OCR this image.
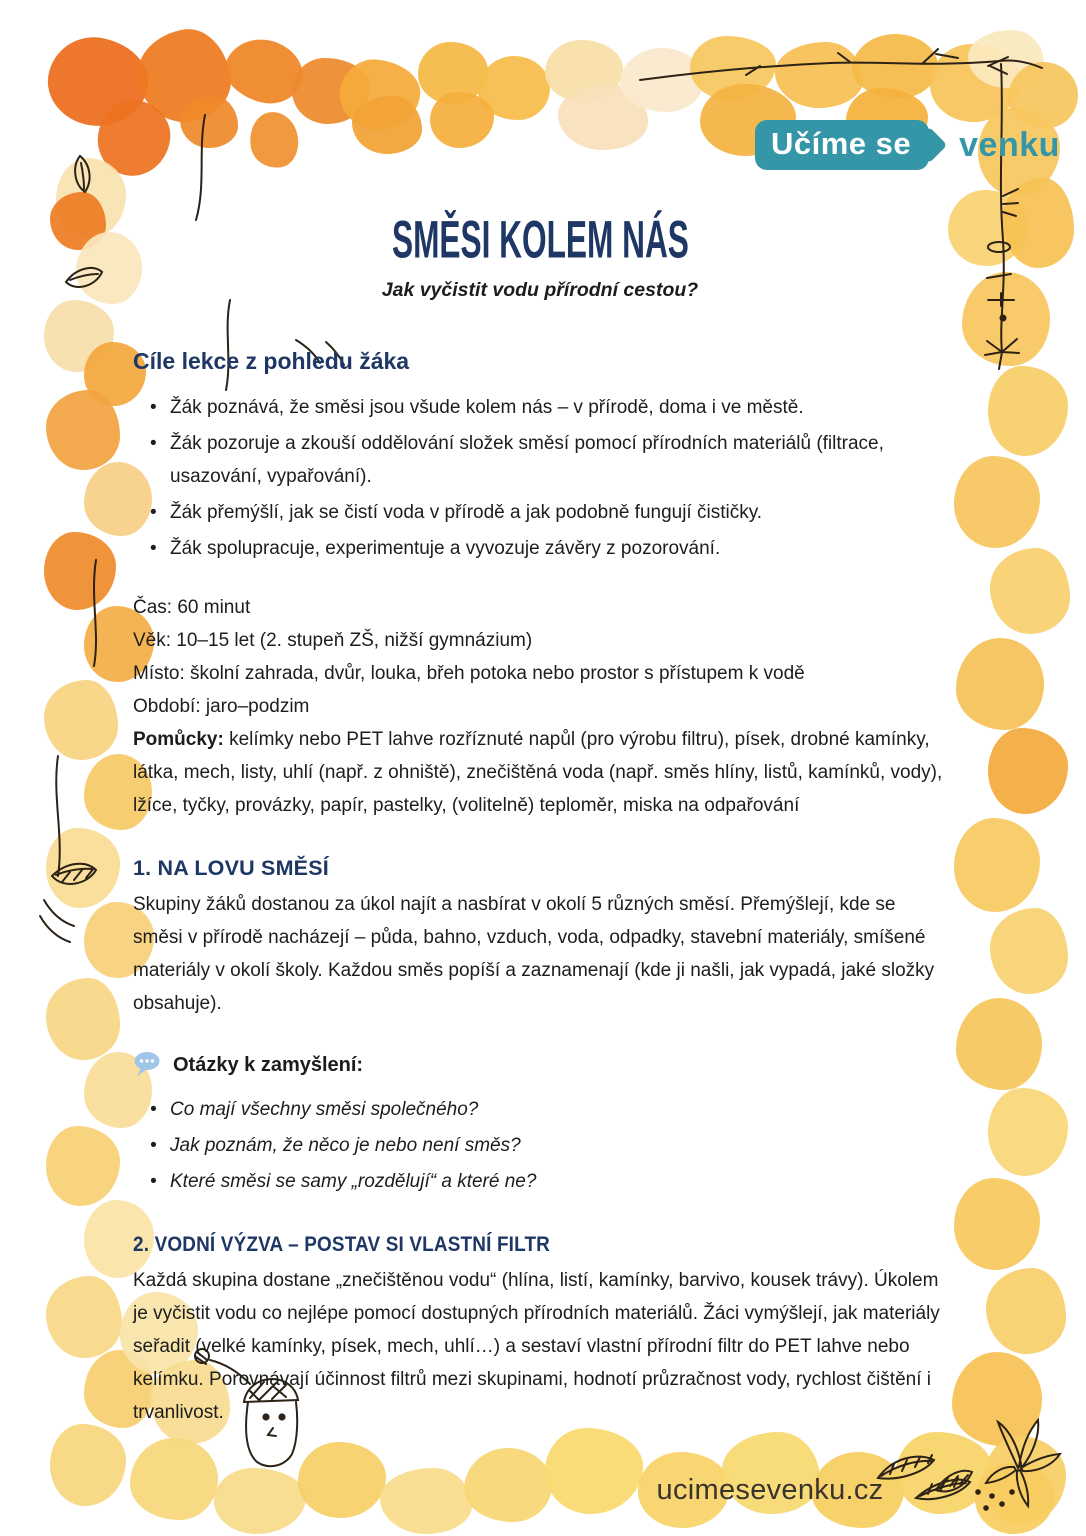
Učíme se	venku
SMĚSI KOLEM NÁS
Jak vyčistit vodu přírodní cestou?
Cíle lekce z pohledu žáka
• Žák poznává, že směsi jsou všude kolem nás – v přírodě, doma i ve městě.
• Žák pozoruje a zkouší oddělování složek směsí pomocí přírodních materiálů (filtrace, usazování, vypařování).
• Žák přemýšlí, jak se čistí voda v přírodě a jak podobně fungují čističky.
• Žák spolupracuje, experimentuje a vyvozuje závěry z pozorování.
Čas: 60 minut
Věk: 10–15 let (2. stupeň ZŠ, nižší gymnázium)
Místo: školní zahrada, dvůr, louka, břeh potoka nebo prostor s přístupem k vodě
Období: jaro–podzim

Pomůcky: kelímky nebo PET lahve rozříznuté napůl (pro výrobu filtru), písek, drobné kamínky, látka, mech, listy, uhlí (např. z ohniště), znečištěná voda (např. směs hlíny, listů, kamínků, vody), lžíce, tyčky, provázky, papír, pastelky, (volitelně) teploměr, miska na odpařování

1. NA LOVU SMĚSÍ

Skupiny žáků dostanou za úkol najít a nasbírat v okolí 5 různých směsí. Přemýšlejí, kde se směsi v přírodě nacházejí – půda, bahno, vzduch, voda, odpadky, stavební materiály, smíšené materiály v okolí školy. Každou směs popíší a zaznamenají (kde ji našli, jak vypadá, jaké složky obsahuje).

Otázky k zamyšlení:
• Co mají všechny směsi společného?
• Jak poznám, že něco je nebo není směs?
• Které směsi se samy „rozdělují“ a které ne?
2. VODNÍ VÝZVA – POSTAV SI VLASTNÍ FILTR

Každá skupina dostane „znečištěnou vodu“ (hlína, listí, kamínky, barvivo, kousek trávy). Úkolem je vyčistit vodu co nejlépe pomocí dostupných přírodních materiálů. Žáci vymýšlejí, jak materiály seřadit (velké kamínky, písek, mech, uhlí…) a sestaví vlastní přírodní filtr do PET lahve nebo kelímku. Porovnávají účinnost filtrů mezi skupinami, hodnotí průzračnost vody, rychlost čištění i trvanlivost.

ucimesevenku.cz
